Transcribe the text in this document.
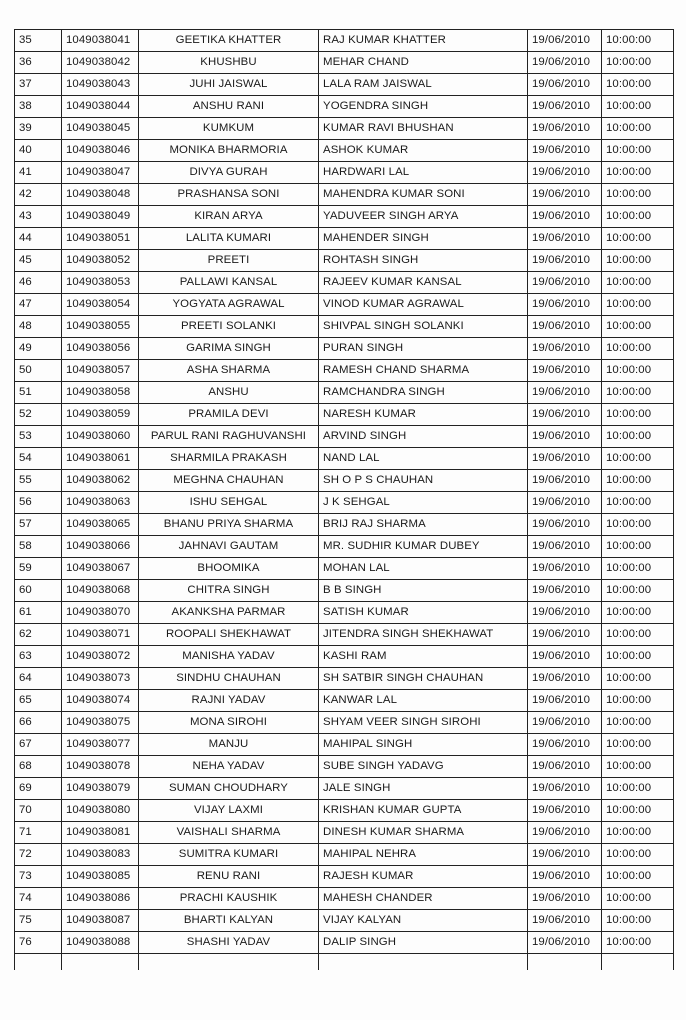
35	1049038041	GEETIKA KHATTER	RAJ KUMAR KHATTER	19/06/2010	10:00:00
36	1049038042	KHUSHBU	MEHAR CHAND	19/06/2010	10:00:00
37	1049038043	JUHI JAISWAL	LALA RAM JAISWAL	19/06/2010	10:00:00
38	1049038044	ANSHU RANI	YOGENDRA SINGH	19/06/2010	10:00:00
39	1049038045	KUMKUM	KUMAR RAVI BHUSHAN	19/06/2010	10:00:00
40	1049038046	MONIKA BHARMORIA	ASHOK KUMAR	19/06/2010	10:00:00
41	1049038047	DIVYA GURAH	HARDWARI LAL	19/06/2010	10:00:00
42	1049038048	PRASHANSA SONI	MAHENDRA KUMAR SONI	19/06/2010	10:00:00
43	1049038049	KIRAN ARYA	YADUVEER SINGH ARYA	19/06/2010	10:00:00
44	1049038051	LALITA KUMARI	MAHENDER SINGH	19/06/2010	10:00:00
45	1049038052	PREETI	ROHTASH SINGH	19/06/2010	10:00:00
46	1049038053	PALLAWI KANSAL	RAJEEV KUMAR KANSAL	19/06/2010	10:00:00
47	1049038054	YOGYATA AGRAWAL	VINOD KUMAR AGRAWAL	19/06/2010	10:00:00
48	1049038055	PREETI SOLANKI	SHIVPAL SINGH SOLANKI	19/06/2010	10:00:00
49	1049038056	GARIMA SINGH	PURAN SINGH	19/06/2010	10:00:00
50	1049038057	ASHA SHARMA	RAMESH CHAND SHARMA	19/06/2010	10:00:00
51	1049038058	ANSHU	RAMCHANDRA SINGH	19/06/2010	10:00:00
52	1049038059	PRAMILA DEVI	NARESH KUMAR	19/06/2010	10:00:00
53	1049038060	PARUL RANI RAGHUVANSHI	ARVIND SINGH	19/06/2010	10:00:00
54	1049038061	SHARMILA PRAKASH	NAND LAL	19/06/2010	10:00:00
55	1049038062	MEGHNA CHAUHAN	SH O P S CHAUHAN	19/06/2010	10:00:00
56	1049038063	ISHU SEHGAL	J K SEHGAL	19/06/2010	10:00:00
57	1049038065	BHANU PRIYA SHARMA	BRIJ RAJ SHARMA	19/06/2010	10:00:00
58	1049038066	JAHNAVI GAUTAM	MR. SUDHIR KUMAR DUBEY	19/06/2010	10:00:00
59	1049038067	BHOOMIKA	MOHAN LAL	19/06/2010	10:00:00
60	1049038068	CHITRA SINGH	B B SINGH	19/06/2010	10:00:00
61	1049038070	AKANKSHA PARMAR	SATISH KUMAR	19/06/2010	10:00:00
62	1049038071	ROOPALI SHEKHAWAT	JITENDRA SINGH SHEKHAWAT	19/06/2010	10:00:00
63	1049038072	MANISHA YADAV	KASHI RAM	19/06/2010	10:00:00
64	1049038073	SINDHU CHAUHAN	SH SATBIR SINGH CHAUHAN	19/06/2010	10:00:00
65	1049038074	RAJNI YADAV	KANWAR LAL	19/06/2010	10:00:00
66	1049038075	MONA SIROHI	SHYAM VEER SINGH SIROHI	19/06/2010	10:00:00
67	1049038077	MANJU	MAHIPAL SINGH	19/06/2010	10:00:00
68	1049038078	NEHA YADAV	SUBE SINGH YADAVG	19/06/2010	10:00:00
69	1049038079	SUMAN CHOUDHARY	JALE SINGH	19/06/2010	10:00:00
70	1049038080	VIJAY LAXMI	KRISHAN KUMAR GUPTA	19/06/2010	10:00:00
71	1049038081	VAISHALI SHARMA	DINESH KUMAR SHARMA	19/06/2010	10:00:00
72	1049038083	SUMITRA KUMARI	MAHIPAL NEHRA	19/06/2010	10:00:00
73	1049038085	RENU RANI	RAJESH KUMAR	19/06/2010	10:00:00
74	1049038086	PRACHI KAUSHIK	MAHESH CHANDER	19/06/2010	10:00:00
75	1049038087	BHARTI KALYAN	VIJAY KALYAN	19/06/2010	10:00:00
76	1049038088	SHASHI YADAV	DALIP SINGH	19/06/2010	10:00:00
